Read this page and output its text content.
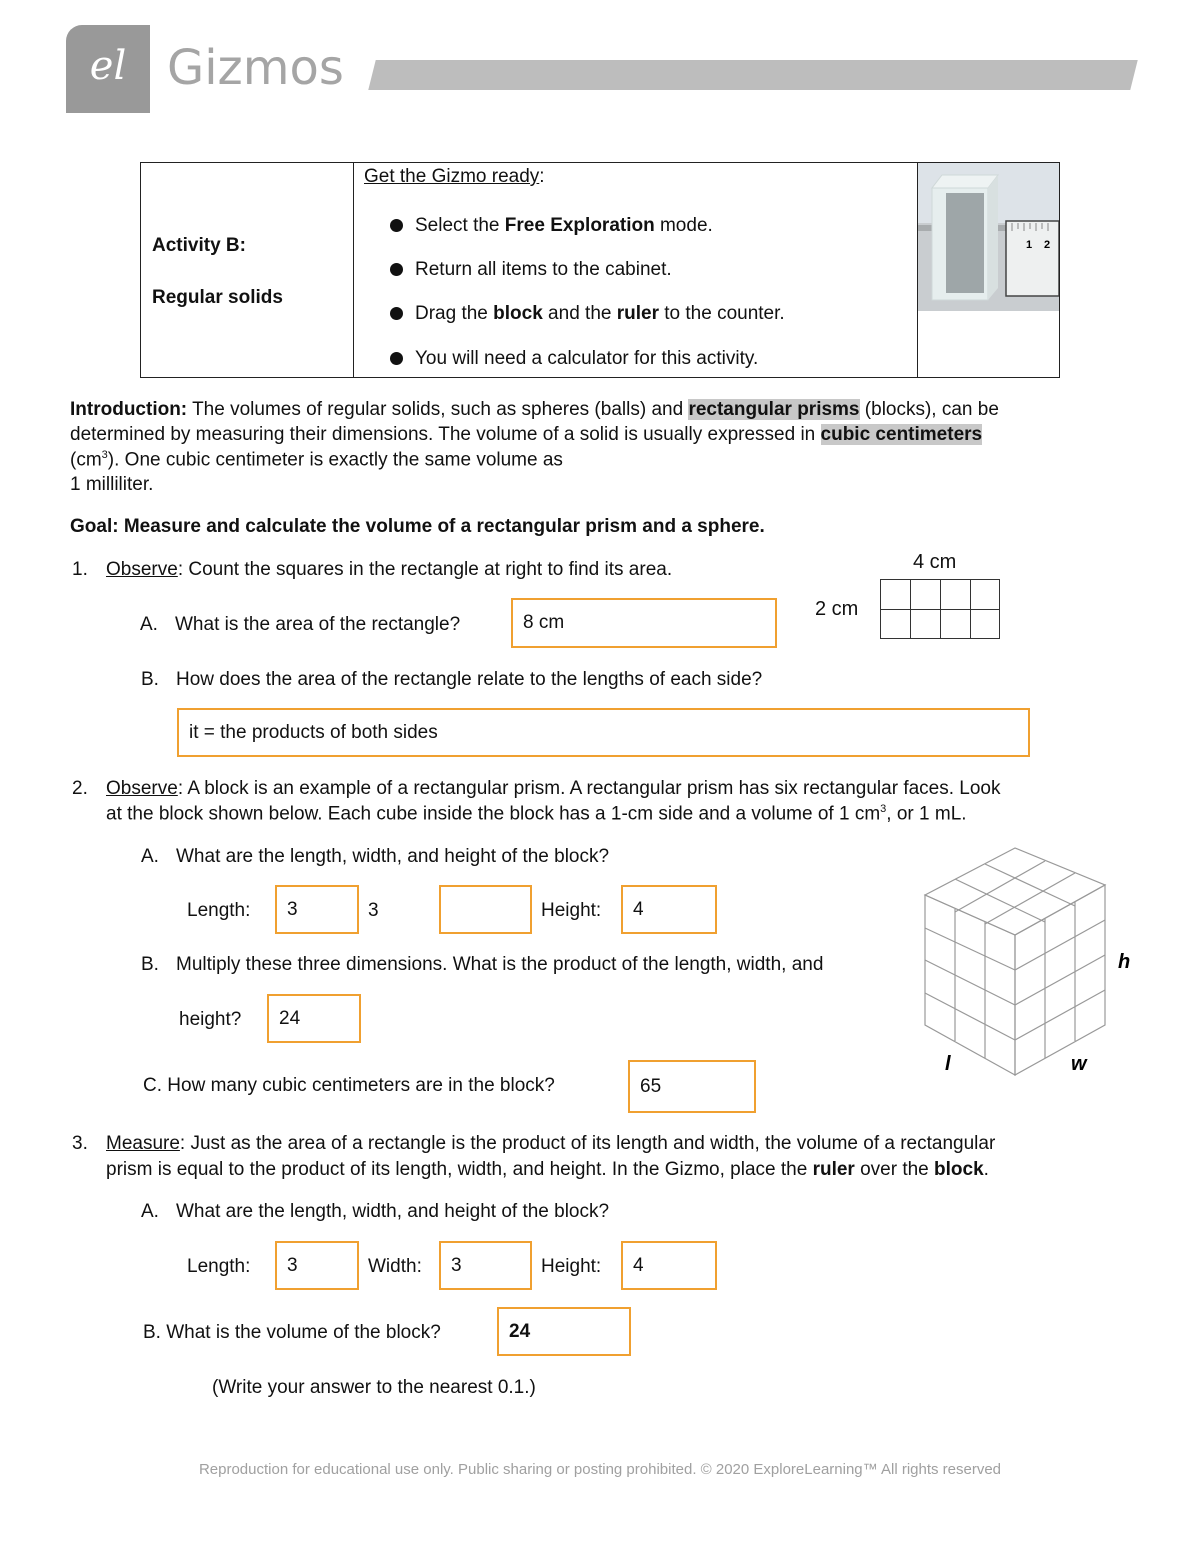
el Gizmos
Activity B:
Regular solids

1 2
Get the Gizmo ready:
Select the Free Exploration mode.
Return all items to the cabinet.
Drag the block and the ruler to the counter.
You will need a calculator for this activity.
Introduction: The volumes of regular solids, such as spheres (balls) and rectangular prisms (blocks), can be
determined by measuring their dimensions. The volume of a solid is usually expressed in cubic centimeters
$(cm^3)$. One cubic centimeter is exactly the same volume as
1 milliliter.
Goal: Measure and calculate the volume of a rectangular prism and a sphere.
1. Observe: Count the squares in the rectangle at right to find its area.	4 cm
2 cm
A. What is the area of the rectangle?	8 cm
B. How does the area of the rectangle relate to the lengths of each side?
it = the products of both sides
2. Observe: A block is an example of a rectangular prism. A rectangular prism has six rectangular faces. Look
at the block shown below. Each cube inside the block has a 1-cm side and a volume of 1 $cm^3$, or 1 mL.
A. What are the length, width, and height of the block?
Length:	3	3	Height:	4
B. Multiply these three dimensions. What is the product of the length, width, and
height?	24
C. How many cubic centimeters are in the block?	65
h
l	w
3. Measure: Just as the area of a rectangle is the product of its length and width, the volume of a rectangular
prism is equal to the product of its length, width, and height. In the Gizmo, place the ruler over the block.
A. What are the length, width, and height of the block?
Length:	3	Width:	3	Height:	4
B. What is the volume of the block?	24
(Write your answer to the nearest 0.1.)
Reproduction for educational use only. Public sharing or posting prohibited. © 2020 ExploreLearning™ All rights reserved
